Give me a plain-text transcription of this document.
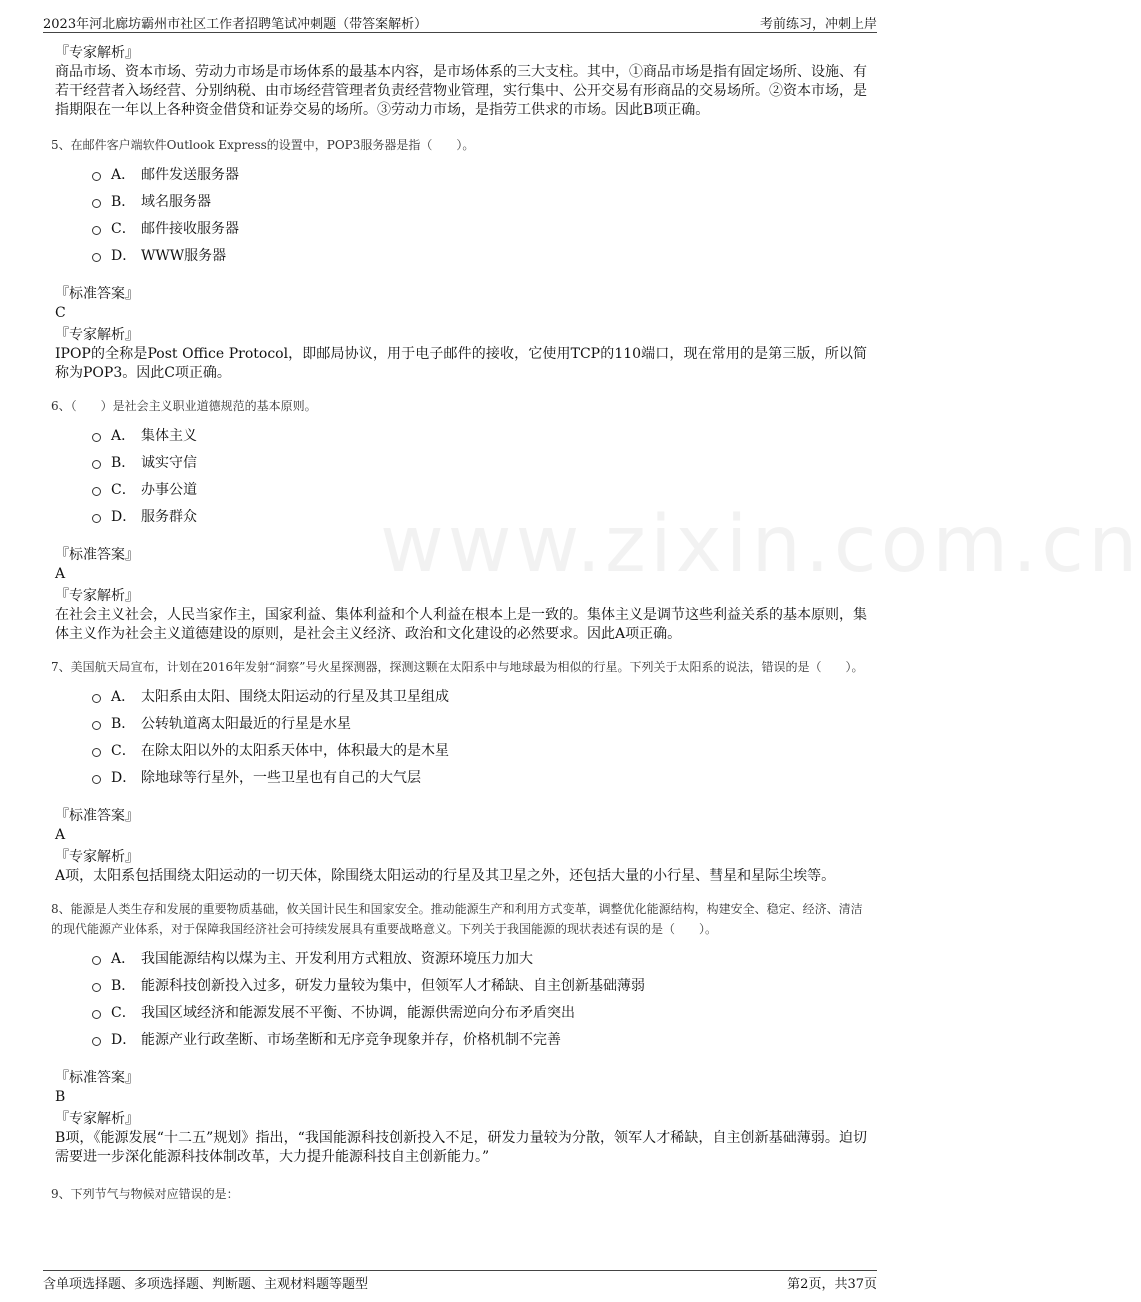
2023年河北廊坊霸州市社区工作者招聘笔试冲刺题（带答案解析）	考前练习，冲刺上岸
www.zixin.com.cn
『专家解析』
商品市场、资本市场、劳动力市场是市场体系的最基本内容，是市场体系的三大支柱。其中，①商品市场是指有固定场所、设施、有若干经营者入场经营、分别纳税、由市场经营管理者负责经营物业管理，实行集中、公开交易有形商品的交易场所。②资本市场，是指期限在一年以上各种资金借贷和证券交易的场所。③劳动力市场，是指劳工供求的市场。因此B项正确。
5、在邮件客户端软件Outlook Express的设置中，POP3服务器是指（　　）。
A． 邮件发送服务器
B． 域名服务器
C． 邮件接收服务器
D． WWW服务器
『标准答案』
C
『专家解析』
IPOP的全称是Post Office Protocol，即邮局协议，用于电子邮件的接收，它使用TCP的110端口，现在常用的是第三版，所以简称为POP3。因此C项正确。
6、（　　）是社会主义职业道德规范的基本原则。
A． 集体主义
B． 诚实守信
C． 办事公道
D． 服务群众
『标准答案』
A
『专家解析』
在社会主义社会，人民当家作主，国家利益、集体利益和个人利益在根本上是一致的。集体主义是调节这些利益关系的基本原则，集体主义作为社会主义道德建设的原则，是社会主义经济、政治和文化建设的必然要求。因此A项正确。
7、美国航天局宣布，计划在2016年发射“洞察”号火星探测器，探测这颗在太阳系中与地球最为相似的行星。下列关于太阳系的说法，错误的是（　　）。
A． 太阳系由太阳、围绕太阳运动的行星及其卫星组成
B． 公转轨道离太阳最近的行星是水星
C． 在除太阳以外的太阳系天体中，体积最大的是木星
D． 除地球等行星外，一些卫星也有自己的大气层
『标准答案』
A
『专家解析』
A项，太阳系包括围绕太阳运动的一切天体，除围绕太阳运动的行星及其卫星之外，还包括大量的小行星、彗星和星际尘埃等。
8、能源是人类生存和发展的重要物质基础，攸关国计民生和国家安全。推动能源生产和利用方式变革，调整优化能源结构，构建安全、稳定、经济、清洁的现代能源产业体系，对于保障我国经济社会可持续发展具有重要战略意义。下列关于我国能源的现状表述有误的是（　　）。
A． 我国能源结构以煤为主、开发利用方式粗放、资源环境压力加大
B． 能源科技创新投入过多，研发力量较为集中，但领军人才稀缺、自主创新基础薄弱
C． 我国区域经济和能源发展不平衡、不协调，能源供需逆向分布矛盾突出
D． 能源产业行政垄断、市场垄断和无序竞争现象并存，价格机制不完善
『标准答案』
B
『专家解析』
B项，《能源发展“十二五”规划》指出，“我国能源科技创新投入不足，研发力量较为分散，领军人才稀缺，自主创新基础薄弱。迫切需要进一步深化能源科技体制改革，大力提升能源科技自主创新能力。”
9、下列节气与物候对应错误的是：
含单项选择题、多项选择题、判断题、主观材料题等题型	第2页，共37页
